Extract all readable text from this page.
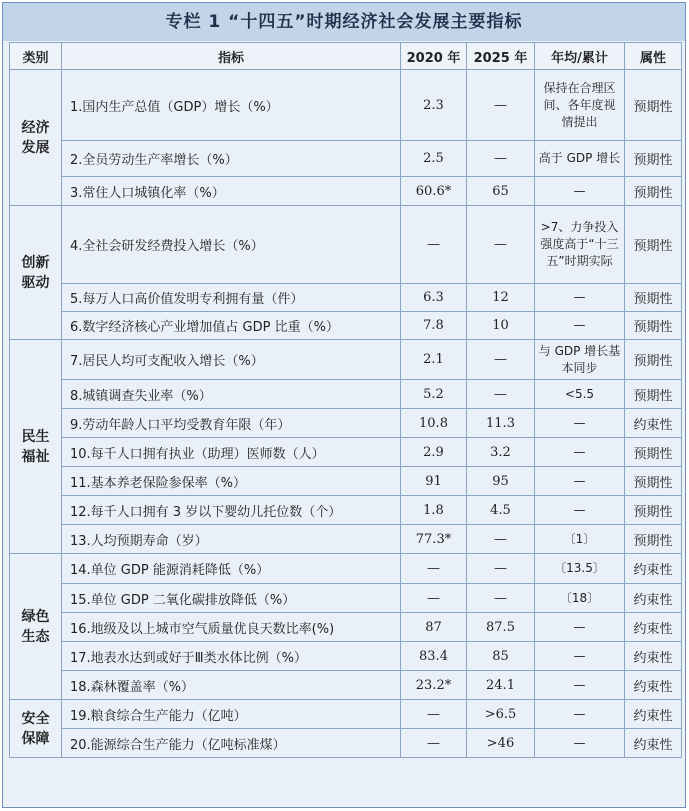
专栏 1 “十四五”时期经济社会发展主要指标
类别	指标	2020 年	2025 年	年均/累计	属性
经济
发展	1.国内生产总值（GDP）增长（%）	2.3	—	保持在合理区间、各年度视情提出	预期性
	2.全员劳动生产率增长（%）	2.5	—	高于 GDP 增长	预期性
	3.常住人口城镇化率（%）	60.6*	65	—	预期性
创新
驱动	4.全社会研发经费投入增长（%）	—	—	>7、力争投入强度高于“十三五”时期实际	预期性
	5.每万人口高价值发明专利拥有量（件）	6.3	12	—	预期性
	6.数字经济核心产业增加值占 GDP 比重（%）	7.8	10	—	预期性
民生
福祉	7.居民人均可支配收入增长（%）	2.1	—	与 GDP 增长基本同步	预期性
	8.城镇调查失业率（%）	5.2	—	<5.5	预期性
	9.劳动年龄人口平均受教育年限（年）	10.8	11.3	—	约束性
	10.每千人口拥有执业（助理）医师数（人）	2.9	3.2	—	预期性
	11.基本养老保险参保率（%）	91	95	—	预期性
	12.每千人口拥有 3 岁以下婴幼儿托位数（个）	1.8	4.5	—	预期性
	13.人均预期寿命（岁）	77.3*	—	〔1〕	预期性
绿色
生态	14.单位 GDP 能源消耗降低（%）	—	—	〔13.5〕	约束性
	15.单位 GDP 二氧化碳排放降低（%）	—	—	〔18〕	约束性
	16.地级及以上城市空气质量优良天数比率(%)	87	87.5	—	约束性
	17.地表水达到或好于Ⅲ类水体比例（%）	83.4	85	—	约束性
	18.森林覆盖率（%）	23.2*	24.1	—	约束性
安全
保障	19.粮食综合生产能力（亿吨）	—	>6.5	—	约束性
	20.能源综合生产能力（亿吨标准煤）	—	>46	—	约束性
